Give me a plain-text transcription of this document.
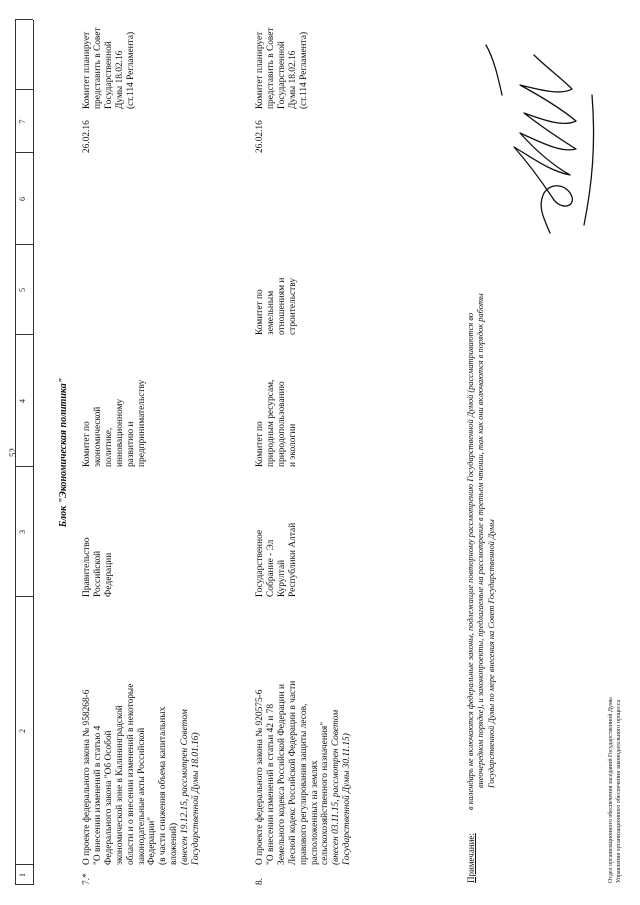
52
1
2
3
4
5
6
7
Блок "Экономическая политика"
7.*
О проекте федерального закона № 958268-6 "О внесении изменений в статью 4 Федерального закона "Об Особой экономической зоне в Калининградской области и о внесении изменений в некоторые законодательные акты Российской Федерации" (в части снижения объема капитальных вложений) (внесен 19.12.15, рассмотрен Советом Государственной Думы 18.01.16)
Правительство Российской Федерации
Комитет по экономической политике, инновационному развитию и предпринимательству
26.02.16
Комитет планирует представить в Совет Государственной Думы 18.02.16 (ст.114 Регламента)
8.
О проекте федерального закона № 920575-6 "О внесении изменений в статьи 42 и 78 Земельного кодекса Российской Федерации и Лесной кодекс Российской Федерации в части правового регулирования защиты лесов, расположенных на землях сельскохозяйственного назначения" (внесен 03.11.15, рассмотрен Советом Государственной Думы 30.11.15)
Государственное Собрание - Эл Курултай Республики Алтай
Комитет по природным ресурсам, природопользованию и экологии
Комитет по земельным отношениям и строительству
26.02.16
Комитет планирует представить в Совет Государственной Думы 18.02.16 (ст.114 Регламента)
Примечание:
в календарь не включаются федеральные законы, подлежащие повторному рассмотрению Государственной Думой (рассматриваются во внеочередном порядке), и законопроекты, предлагаемые на рассмотрение в третьем чтении, так как они включаются в порядок работы Государственной Думы по мере внесения на Совет Государственной Думы
Отдел организационного обеспечения заседаний Государственной Думы Управления организационного обеспечения законодательного процесса
